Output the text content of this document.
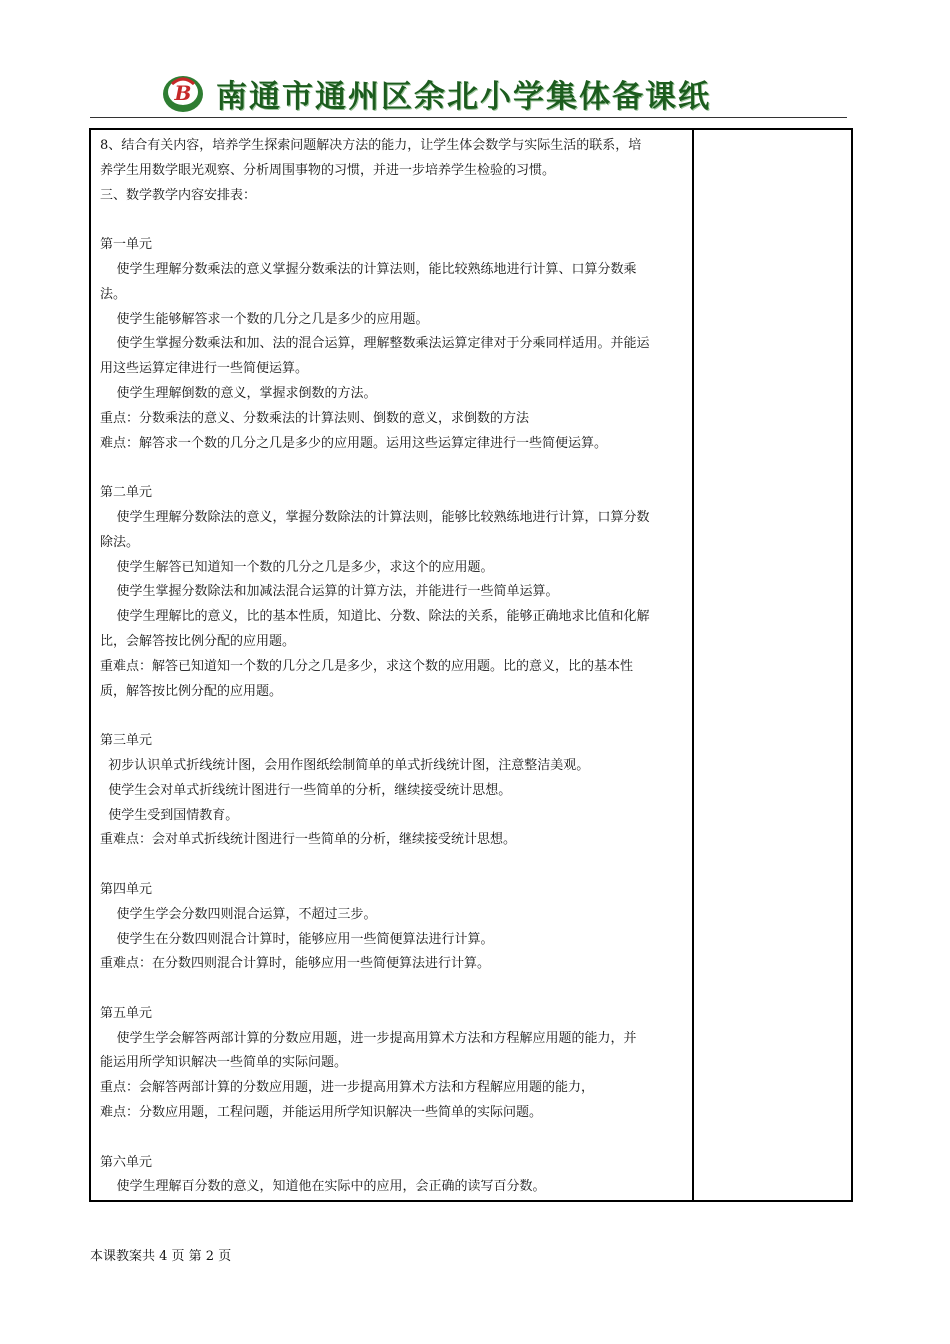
B 南通市通州区余北小学集体备课纸
8、结合有关内容，培养学生探索问题解决方法的能力，让学生体会数学与实际生活的联系，培
养学生用数学眼光观察、分析周围事物的习惯，并进一步培养学生检验的习惯。
三、数学教学内容安排表：
第一单元
使学生理解分数乘法的意义掌握分数乘法的计算法则，能比较熟练地进行计算、口算分数乘
法。
使学生能够解答求一个数的几分之几是多少的应用题。
使学生掌握分数乘法和加、法的混合运算，理解整数乘法运算定律对于分乘同样适用。并能运
用这些运算定律进行一些简便运算。
使学生理解倒数的意义，掌握求倒数的方法。
重点：分数乘法的意义、分数乘法的计算法则、倒数的意义，求倒数的方法
难点：解答求一个数的几分之几是多少的应用题。运用这些运算定律进行一些简便运算。
第二单元
使学生理解分数除法的意义，掌握分数除法的计算法则，能够比较熟练地进行计算，口算分数
除法。
使学生解答已知道知一个数的几分之几是多少，求这个的应用题。
使学生掌握分数除法和加减法混合运算的计算方法，并能进行一些简单运算。
使学生理解比的意义，比的基本性质，知道比、分数、除法的关系，能够正确地求比值和化解
比，会解答按比例分配的应用题。
重难点：解答已知道知一个数的几分之几是多少，求这个数的应用题。比的意义，比的基本性
质，解答按比例分配的应用题。
第三单元
初步认识单式折线统计图，会用作图纸绘制简单的单式折线统计图，注意整洁美观。
使学生会对单式折线统计图进行一些简单的分析，继续接受统计思想。
使学生受到国情教育。
重难点：会对单式折线统计图进行一些简单的分析，继续接受统计思想。
第四单元
使学生学会分数四则混合运算，不超过三步。
使学生在分数四则混合计算时，能够应用一些简便算法进行计算。
重难点：在分数四则混合计算时，能够应用一些简便算法进行计算。
第五单元
使学生学会解答两部计算的分数应用题，进一步提高用算术方法和方程解应用题的能力，并
能运用所学知识解决一些简单的实际问题。
重点：会解答两部计算的分数应用题，进一步提高用算术方法和方程解应用题的能力，
难点：分数应用题，工程问题，并能运用所学知识解决一些简单的实际问题。
第六单元
使学生理解百分数的意义，知道他在实际中的应用，会正确的读写百分数。
本课教案共 4 页 第 2 页
